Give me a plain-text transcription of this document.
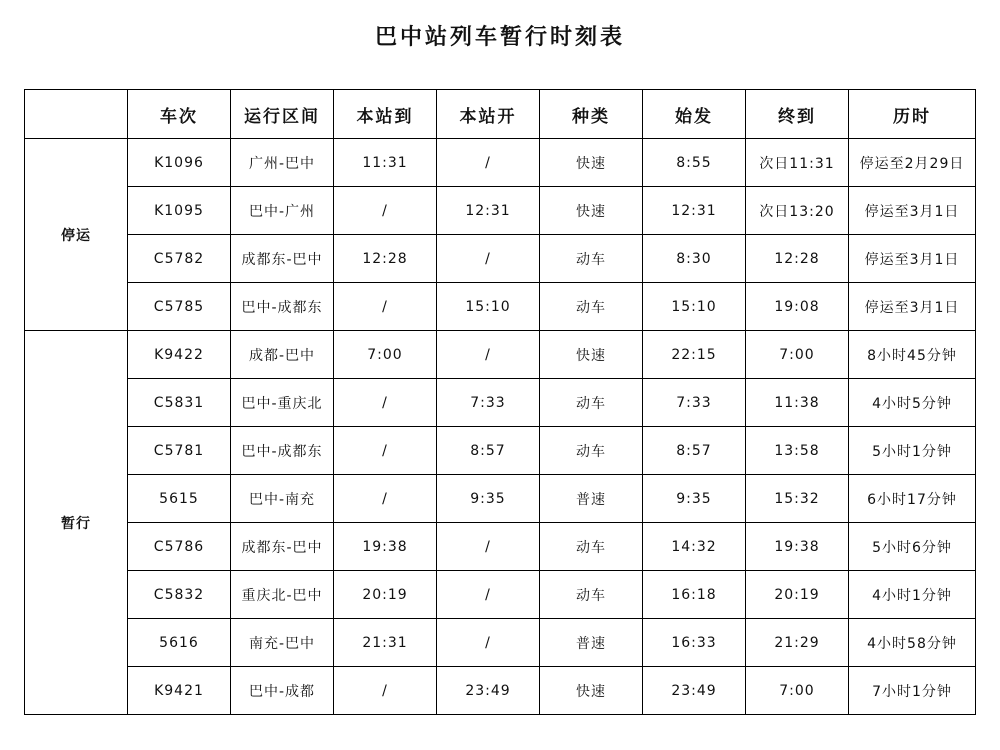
巴中站列车暂行时刻表
	车次	运行区间	本站到	本站开	种类	始发	终到	历时
停运	K1096	广州-巴中	11:31	/	快速	8:55	次日11:31	停运至2月29日
	K1095	巴中-广州	/	12:31	快速	12:31	次日13:20	停运至3月1日
	C5782	成都东-巴中	12:28	/	动车	8:30	12:28	停运至3月1日
	C5785	巴中-成都东	/	15:10	动车	15:10	19:08	停运至3月1日
暂行	K9422	成都-巴中	7:00	/	快速	22:15	7:00	8小时45分钟
	C5831	巴中-重庆北	/	7:33	动车	7:33	11:38	4小时5分钟
	C5781	巴中-成都东	/	8:57	动车	8:57	13:58	5小时1分钟
	5615	巴中-南充	/	9:35	普速	9:35	15:32	6小时17分钟
	C5786	成都东-巴中	19:38	/	动车	14:32	19:38	5小时6分钟
	C5832	重庆北-巴中	20:19	/	动车	16:18	20:19	4小时1分钟
	5616	南充-巴中	21:31	/	普速	16:33	21:29	4小时58分钟
	K9421	巴中-成都	/	23:49	快速	23:49	7:00	7小时1分钟
